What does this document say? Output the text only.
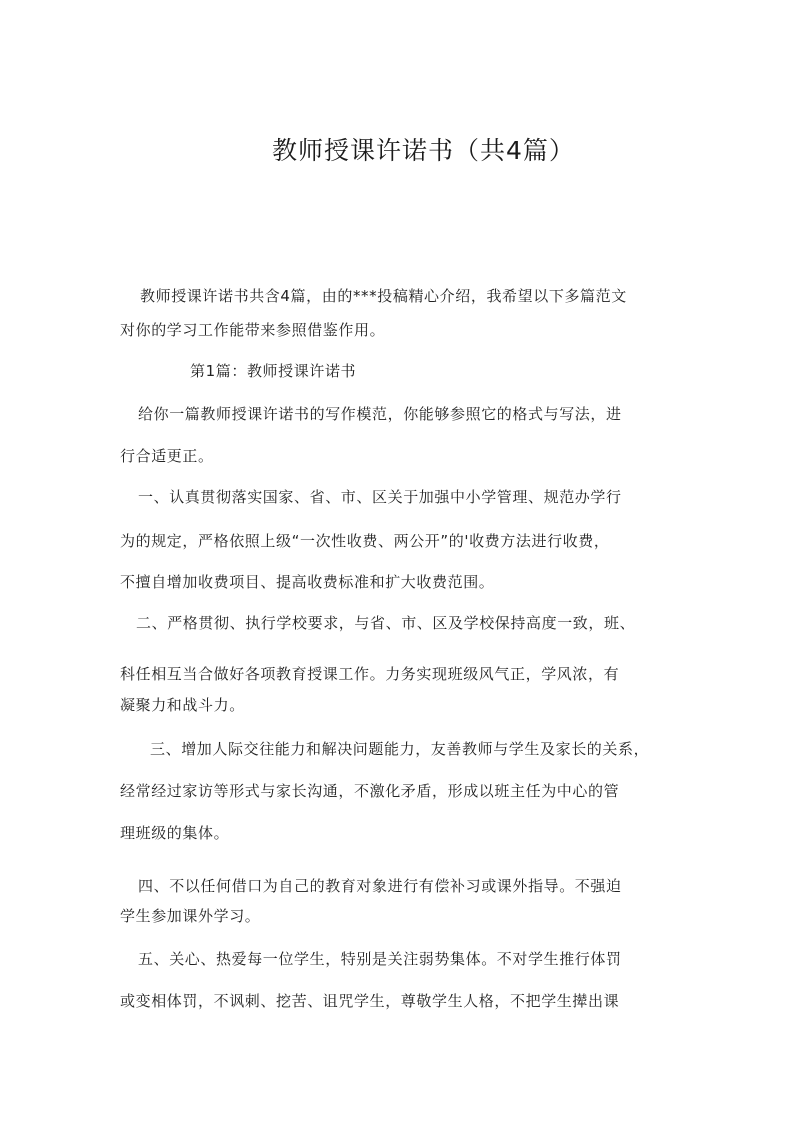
教师授课许诺书（共4篇）
教师授课许诺书共含4篇，由的***投稿精心介绍，我希望以下多篇范文
对你的学习工作能带来参照借鉴作用。
第1篇：教师授课许诺书
给你一篇教师授课许诺书的写作模范，你能够参照它的格式与写法，进
行合适更正。
一、认真贯彻落实国家、省、市、区关于加强中小学管理、规范办学行
为的规定，严格依照上级“一次性收费、两公开”的'收费方法进行收费，
不擅自增加收费项目、提高收费标准和扩大收费范围。
二、严格贯彻、执行学校要求，与省、市、区及学校保持高度一致，班、
科任相互当合做好各项教育授课工作。力务实现班级风气正，学风浓，有
凝聚力和战斗力。
三、增加人际交往能力和解决问题能力，友善教师与学生及家长的关系，
经常经过家访等形式与家长沟通，不激化矛盾，形成以班主任为中心的管
理班级的集体。
四、不以任何借口为自己的教育对象进行有偿补习或课外指导。不强迫
学生参加课外学习。
五、关心、热爱每一位学生，特别是关注弱势集体。不对学生推行体罚
或变相体罚，不讽刺、挖苦、诅咒学生，尊敬学生人格，不把学生撵出课
